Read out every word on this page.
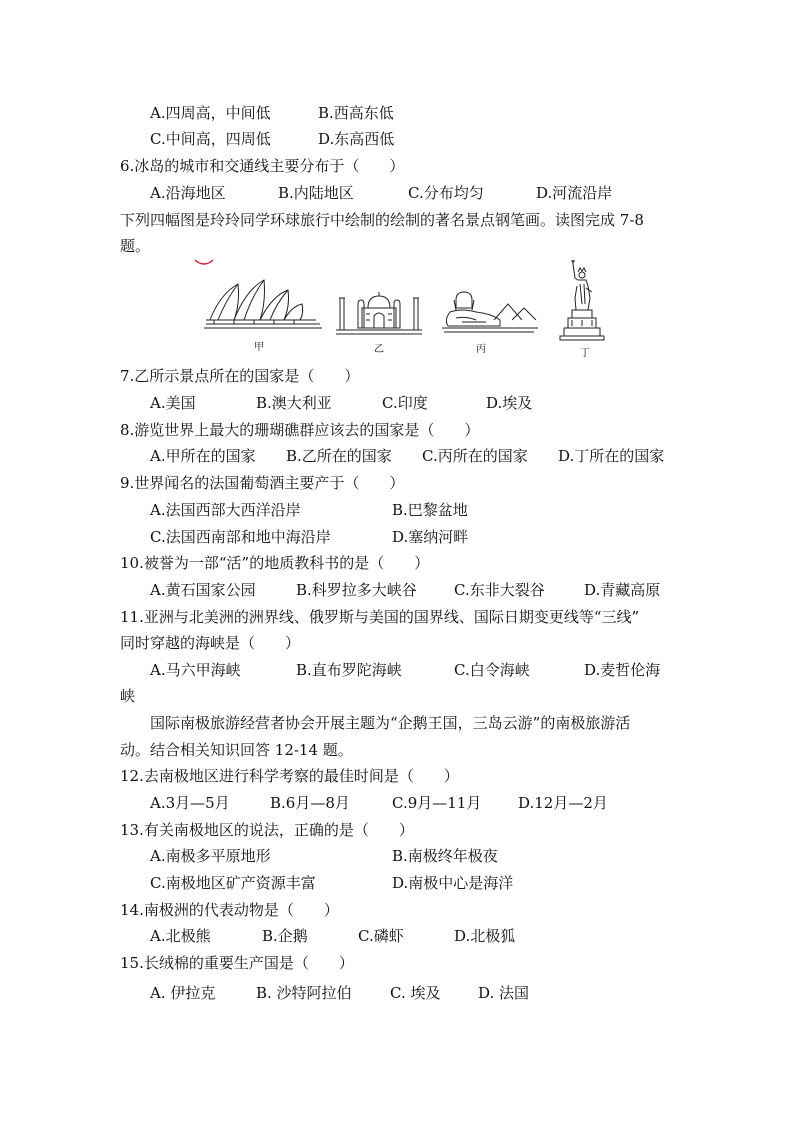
A.四周高，中间低	B.西高东低
C.中间高，四周低	D.东高西低
6.冰岛的城市和交通线主要分布于（　　）
A.沿海地区	B.内陆地区	C.分布均匀	D.河流沿岸
下列四幅图是玲玲同学环球旅行中绘制的绘制的著名景点钢笔画。读图完成 7-8
题。
甲	乙	丙	丁
7.乙所示景点所在的国家是（　　）
A.美国	B.澳大利亚	C.印度	D.埃及
8.游览世界上最大的珊瑚礁群应该去的国家是（　　）
A.甲所在的国家 B.乙所在的国家 C.丙所在的国家 D.丁所在的国家
9.世界闻名的法国葡萄酒主要产于（　　）
A.法国西部大西洋沿岸	B.巴黎盆地
C.法国西南部和地中海沿岸	D.塞纳河畔
10.被誉为一部“活”的地质教科书的是（　　）
A.黄石国家公园	B.科罗拉多大峡谷 C.东非大裂谷	D.青藏高原
11.亚洲与北美洲的洲界线、俄罗斯与美国的国界线、国际日期变更线等“三线”
同时穿越的海峡是（　　）
A.马六甲海峡	B.直布罗陀海峡	C.白令海峡	D.麦哲伦海
峡
国际南极旅游经营者协会开展主题为“企鹅王国，三岛云游”的南极旅游活
动。结合相关知识回答 12-14 题。
12.去南极地区进行科学考察的最佳时间是（　　）
A.3月—5月	B.6月—8月	C.9月—11月 D.12月—2月
13.有关南极地区的说法，正确的是（　　）
A.南极多平原地形	B.南极终年极夜
C.南极地区矿产资源丰富	D.南极中心是海洋
14.南极洲的代表动物是（　　）
A.北极熊	B.企鹅	C.磷虾	D.北极狐
15.长绒棉的重要生产国是（　　）
A. 伊拉克	B. 沙特阿拉伯	C. 埃及	D. 法国
